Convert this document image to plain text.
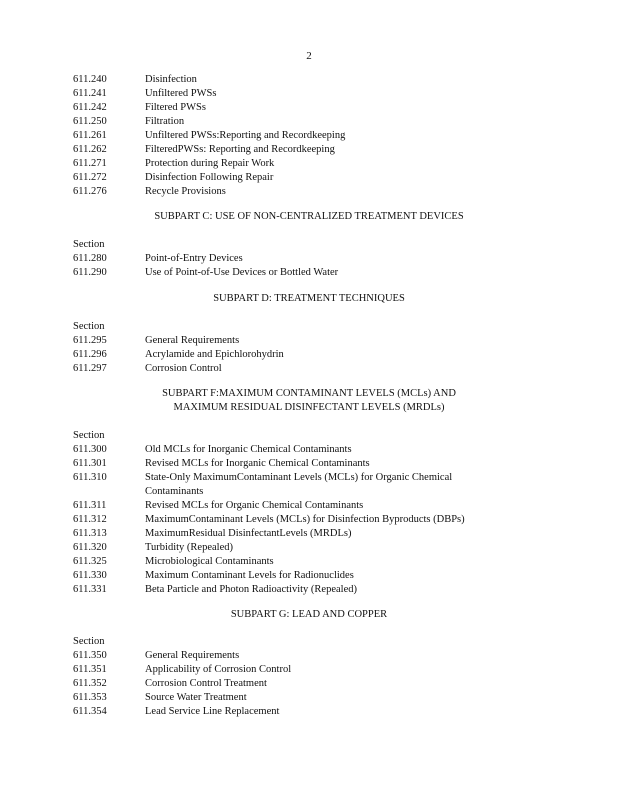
2
611.240	Disinfection
611.241	Unfiltered PWSs
611.242	Filtered PWSs
611.250	Filtration
611.261	Unfiltered PWSs:Reporting and Recordkeeping
611.262	FilteredPWSs: Reporting and Recordkeeping
611.271	Protection during Repair Work
611.272	Disinfection Following Repair
611.276	Recycle Provisions
SUBPART C: USE OF NON-CENTRALIZED TREATMENT DEVICES
Section
611.280	Point-of-Entry Devices
611.290	Use of Point-of-Use Devices or Bottled Water
SUBPART D: TREATMENT TECHNIQUES
Section
611.295	General Requirements
611.296	Acrylamide and Epichlorohydrin
611.297	Corrosion Control
SUBPART F:MAXIMUM CONTAMINANT LEVELS (MCLs) AND
MAXIMUM RESIDUAL DISINFECTANT LEVELS (MRDLs)
Section
611.300	Old MCLs for Inorganic Chemical Contaminants
611.301	Revised MCLs for Inorganic Chemical Contaminants
611.310	State-Only MaximumContaminant Levels (MCLs) for Organic Chemical Contaminants
611.311	Revised MCLs for Organic Chemical Contaminants
611.312	MaximumContaminant Levels (MCLs) for Disinfection Byproducts (DBPs)
611.313	MaximumResidual DisinfectantLevels (MRDLs)
611.320	Turbidity (Repealed)
611.325	Microbiological Contaminants
611.330	Maximum Contaminant Levels for Radionuclides
611.331	Beta Particle and Photon Radioactivity (Repealed)
SUBPART G: LEAD AND COPPER
Section
611.350	General Requirements
611.351	Applicability of Corrosion Control
611.352	Corrosion Control Treatment
611.353	Source Water Treatment
611.354	Lead Service Line Replacement
